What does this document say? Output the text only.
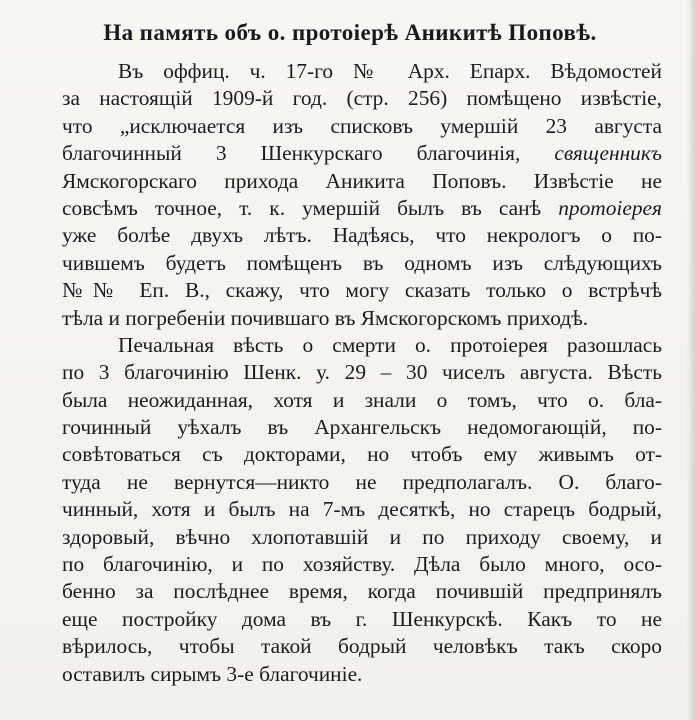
На память объ о. протоіерѣ Аникитѣ Поповѣ.
Въ оффиц. ч. 17-го № Арх. Епарх. Вѣдомостей
за настоящій 1909-й год. (стр. 256) помѣщено извѣстіе,
что „исключается изъ списковъ умершій 23 августа
благочинный 3 Шенкурскаго благочинія, священникъ
Ямскогорскаго прихода Аникита Поповъ. Извѣстіе не
совсѣмъ точное, т. к. умершій былъ въ санѣ протоіерея
уже болѣе двухъ лѣтъ. Надѣясь, что некрологъ о по-
чившемъ будетъ помѣщенъ въ одномъ изъ слѣдующихъ
№№ Еп. В., скажу, что могу сказать только о встрѣчѣ
тѣла и погребеніи почившаго въ Ямскогорскомъ приходѣ.
Печальная вѣсть о смерти о. протоіерея разошлась
по 3 благочинію Шенк. у. 29 – 30 чиселъ августа. Вѣсть
была неожиданная, хотя и знали о томъ, что о. бла-
гочинный уѣхалъ въ Архангельскъ недомогающій, по-
совѣтоваться съ докторами, но чтобъ ему живымъ от-
туда не вернутся—никто не предполагалъ. О. благо-
чинный, хотя и былъ на 7-мъ десяткѣ, но старецъ бодрый,
здоровый, вѣчно хлопотавшій и по приходу своему, и
по благочинію, и по хозяйству. Дѣла было много, осо-
бенно за послѣднее время, когда почившій предпринялъ
еще постройку дома въ г. Шенкурскѣ. Какъ то не
вѣрилось, чтобы такой бодрый человѣкъ такъ скоро
оставилъ сирымъ 3-е благочиніе.
